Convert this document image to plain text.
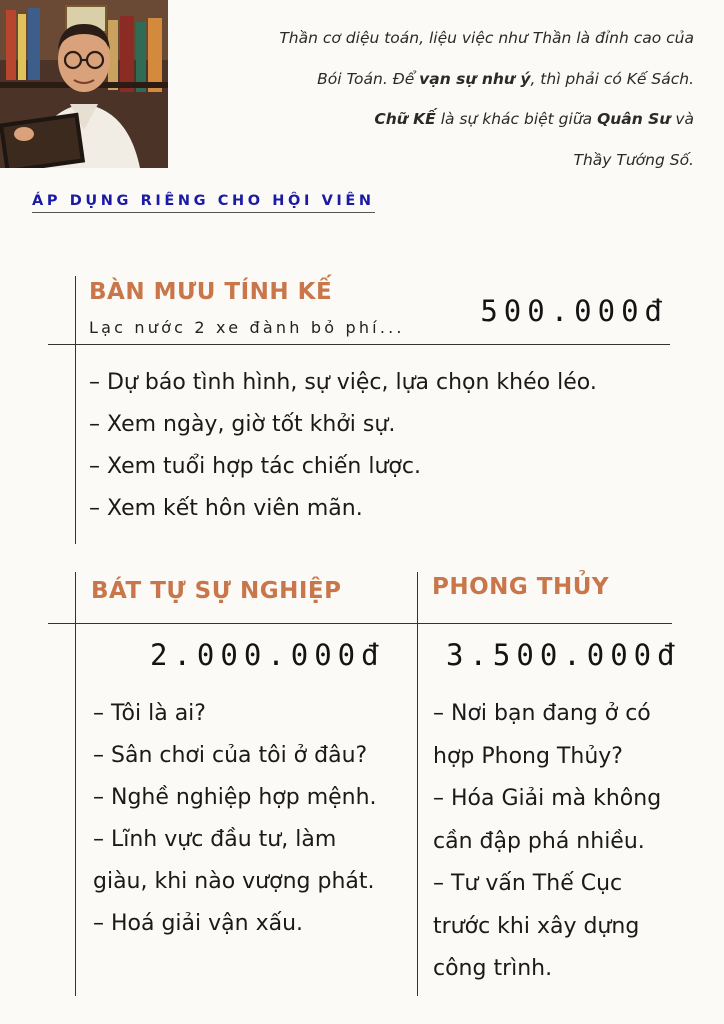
Thần cơ diệu toán, liệu việc như Thần là đỉnh cao của
Bói Toán. Để vạn sự như ý, thì phải có Kế Sách.
Chữ KẾ là sự khác biệt giữa Quân Sư và
Thầy Tướng Số.
ÁP DỤNG RIÊNG CHO HỘI VIÊN
BÀN MƯU TÍNH KẾ
Lạc nước 2 xe đành bỏ phí...	500.000đ
– Dự báo tình hình, sự việc, lựa chọn khéo léo.
– Xem ngày, giờ tốt khởi sự.
– Xem tuổi hợp tác chiến lược.
– Xem kết hôn viên mãn.
BÁT TỰ SỰ NGHIỆP	PHONG THỦY
2.000.000đ 3.500.000đ
– Tôi là ai?
– Sân chơi của tôi ở đâu?
– Nghề nghiệp hợp mệnh.
– Lĩnh vực đầu tư, làm
giàu, khi nào vượng phát.
– Hoá giải vận xấu.
– Nơi bạn đang ở có
hợp Phong Thủy?
– Hóa Giải mà không
cần đập phá nhiều.
– Tư vấn Thế Cục
trước khi xây dựng
công trình.
